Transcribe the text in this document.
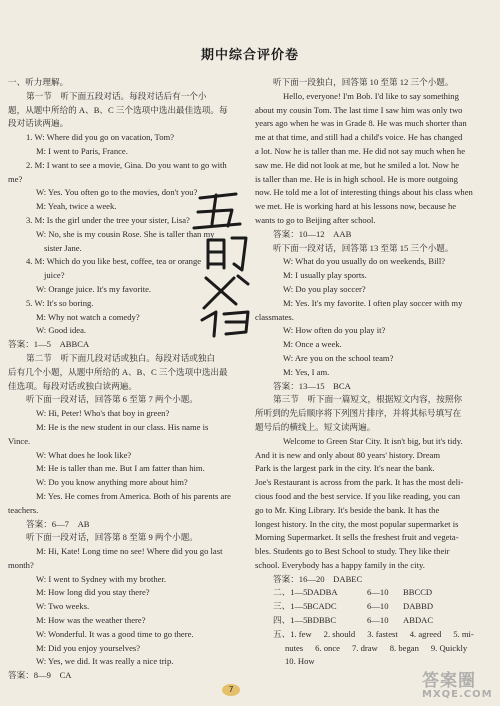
期中综合评价卷

一、听力理解。

第一节　听下面五段对话。每段对话后有一个小

题，从题中所给的 A、B、C 三个选项中选出最佳选项。每

段对话读两遍。

1. W: Where did you go on vacation, Tom?

M: I went to Paris, France.

2. M: I want to see a movie, Gina. Do you want to go with

me?

W: Yes. You often go to the movies, don't you?

M: Yeah, twice a week.

3. M: Is the girl under the tree your sister, Lisa?

W: No, she is my cousin Rose. She is taller than my

sister Jane.

4. M: Which do you like best, coffee, tea or orange

juice?

W: Orange juice. It's my favorite.

5. W: It's so boring.

M: Why not watch a comedy?

W: Good idea.

答案：1—5　ABBCA

第二节　听下面几段对话或独白。每段对话或独白

后有几个小题，从题中所给的 A、B、C 三个选项中选出最

佳选项。每段对话或独白读两遍。

听下面一段对话，回答第 6 至第 7 两个小题。

W: Hi, Peter! Who's that boy in green?

M: He is the new student in our class. His name is

Vince.

W: What does he look like?

M: He is taller than me. But I am fatter than him.

W: Do you know anything more about him?

M: Yes. He comes from America. Both of his parents are

teachers.

答案：6—7　AB

听下面一段对话，回答第 8 至第 9 两个小题。

M: Hi, Kate! Long time no see! Where did you go last

month?

W: I went to Sydney with my brother.

M: How long did you stay there?

W: Two weeks.

M: How was the weather there?

W: Wonderful. It was a good time to go there.

M: Did you enjoy yourselves?

W: Yes, we did. It was really a nice trip.

答案：8—9　CA

听下面一段独白，回答第 10 至第 12 三个小题。

Hello, everyone! I'm Bob. I'd like to say something

about my cousin Tom. The last time I saw him was only two

years ago when he was in Grade 8. He was much shorter than

me at that time, and still had a child's voice. He has changed

a lot. Now he is taller than me. He did not say much when he

saw me. He did not look at me, but he smiled a lot. Now he

is taller than me. He is in high school. He is more outgoing

now. He told me a lot of interesting things about his class when

we met. He is working hard at his lessons now, because he

wants to go to Beijing after school.

答案：10—12　AAB

听下面一段对话，回答第 13 至第 15 三个小题。

W: What do you usually do on weekends, Bill?

M: I usually play sports.

W: Do you play soccer?

M: Yes. It's my favorite. I often play soccer with my

classmates.

W: How often do you play it?

M: Once a week.

W: Are you on the school team?

M: Yes, I am.

答案：13—15　BCA

第三节　听下面一篇短文，根据短文内容，按照你

所听到的先后顺序将下列图片排序，并将其标号填写在

题号后的横线上。短文读两遍。

Welcome to Green Star City. It isn't big, but it's tidy.

And it is new and only about 80 years' history. Dream

Park is the largest park in the city. It's near the bank.

Joe's Restaurant is across from the park. It has the most deli-

cious food and the best service. If you like reading, you can

go to Mr. King Library. It's beside the bank. It has the

longest history. In the city, the most popular supermarket is

Morning Supermarket. It sells the freshest fruit and vegeta-

bles. Students go to Best School to study. They like their

school. Everybody has a happy family in the city.

答案：16—20　DABEC

二、1—5 DADBA	6—10	BBCCD
三、1—5 BCADC	6—10	DABBD
四、1—5 BDBBC	6—10	ABDAC
五、1. few 2. should 3. fastest 4. agreed 5. mi-
nutes 6. once 7. draw 8. began 9. Quickly
10. How
7	答案圈
MXQE.COM
